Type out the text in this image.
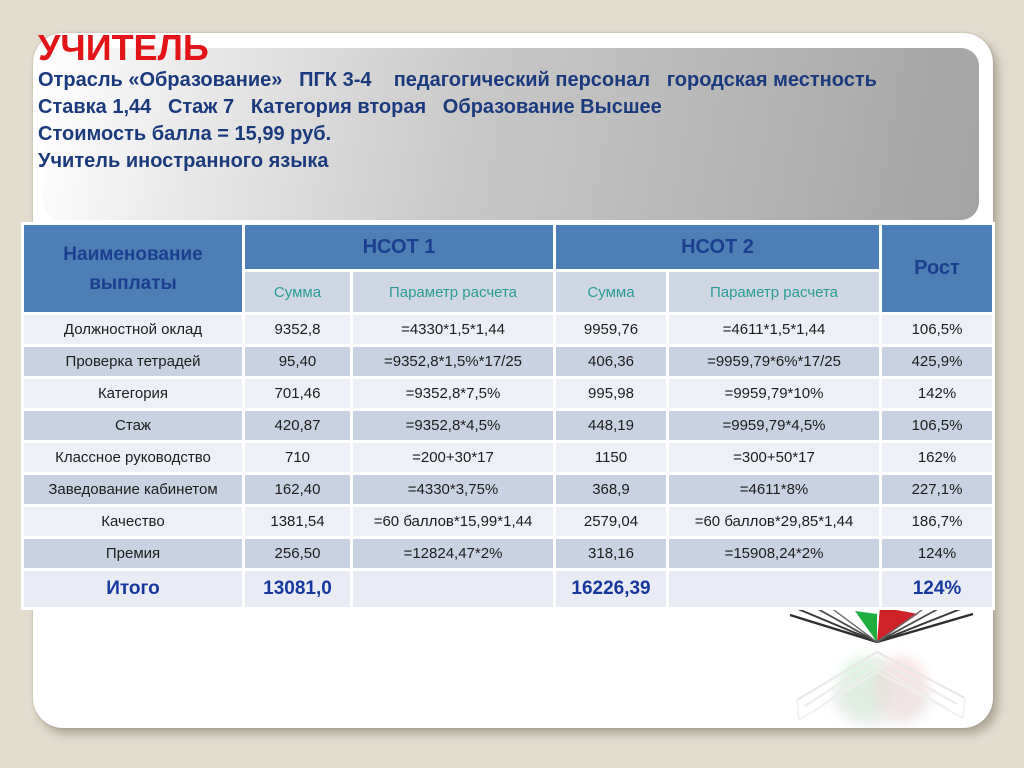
УЧИТЕЛЬ
Отрасль «Образование»   ПГК 3-4    педагогический персонал   городская местность
Ставка 1,44   Стаж 7   Категория вторая   Образование Высшее
Стоимость балла = 15,99 руб.
Учитель иностранного языка
Наименование выплаты	НСОТ 1		НСОТ 2		Рост
	Сумма	Параметр расчета	Сумма	Параметр расчета	
Должностной оклад	9352,8	=4330*1,5*1,44	9959,76	=4611*1,5*1,44	106,5%
Проверка тетрадей	95,40	=9352,8*1,5%*17/25	406,36	=9959,79*6%*17/25	425,9%
Категория	701,46	=9352,8*7,5%	995,98	=9959,79*10%	142%
Стаж	420,87	=9352,8*4,5%	448,19	=9959,79*4,5%	106,5%
Классное руководство	710	=200+30*17	1150	=300+50*17	162%
Заведование кабинетом	162,40	=4330*3,75%	368,9	=4611*8%	227,1%
Качество	1381,54	=60 баллов*15,99*1,44	2579,04	=60 баллов*29,85*1,44	186,7%
Премия	256,50	=12824,47*2%	318,16	=15908,24*2%	124%
Итого	13081,0		16226,39		124%
